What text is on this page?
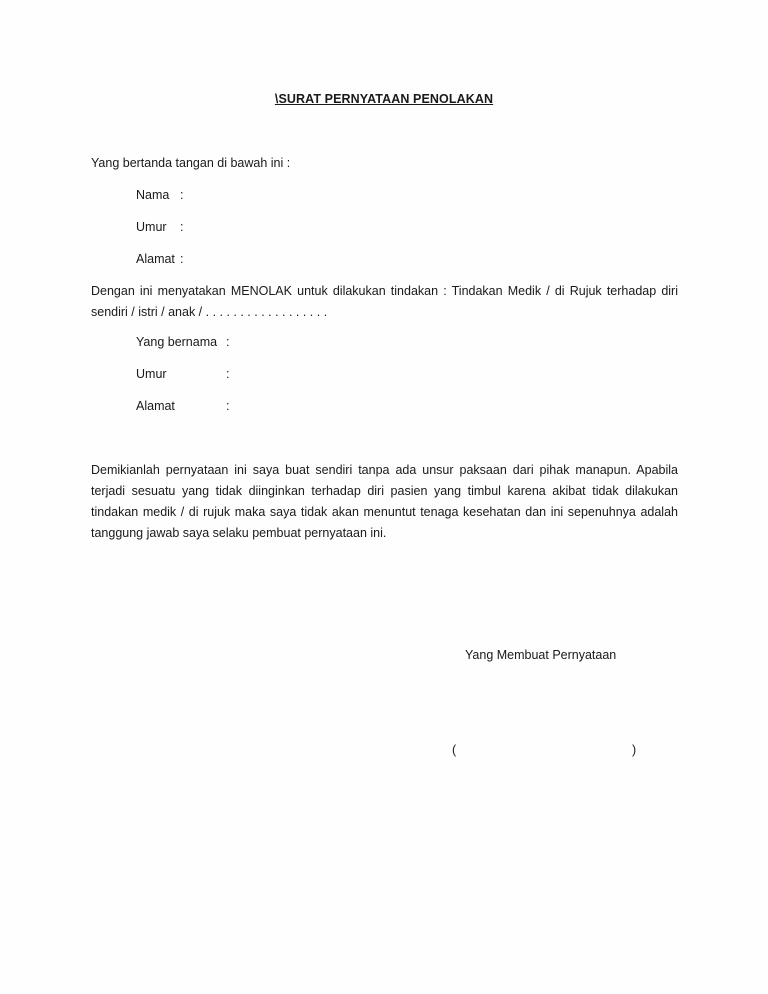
\SURAT PERNYATAAN PENOLAKAN
Yang bertanda tangan di bawah ini :
Nama :
Umur :
Alamat :
Dengan ini menyatakan MENOLAK untuk dilakukan tindakan : Tindakan Medik / di Rujuk terhadap diri sendiri / istri / anak / . . . . . . . . . . . . . . . . . .
Yang bernama :
Umur	:
Alamat	:
Demikianlah pernyataan ini saya buat sendiri tanpa ada unsur paksaan dari pihak manapun. Apabila terjadi sesuatu yang tidak diinginkan terhadap diri pasien yang timbul karena akibat tidak dilakukan tindakan medik / di rujuk maka saya tidak akan menuntut tenaga kesehatan dan ini sepenuhnya adalah tanggung jawab saya selaku pembuat pernyataan ini.
Yang Membuat Pernyataan
(	)
